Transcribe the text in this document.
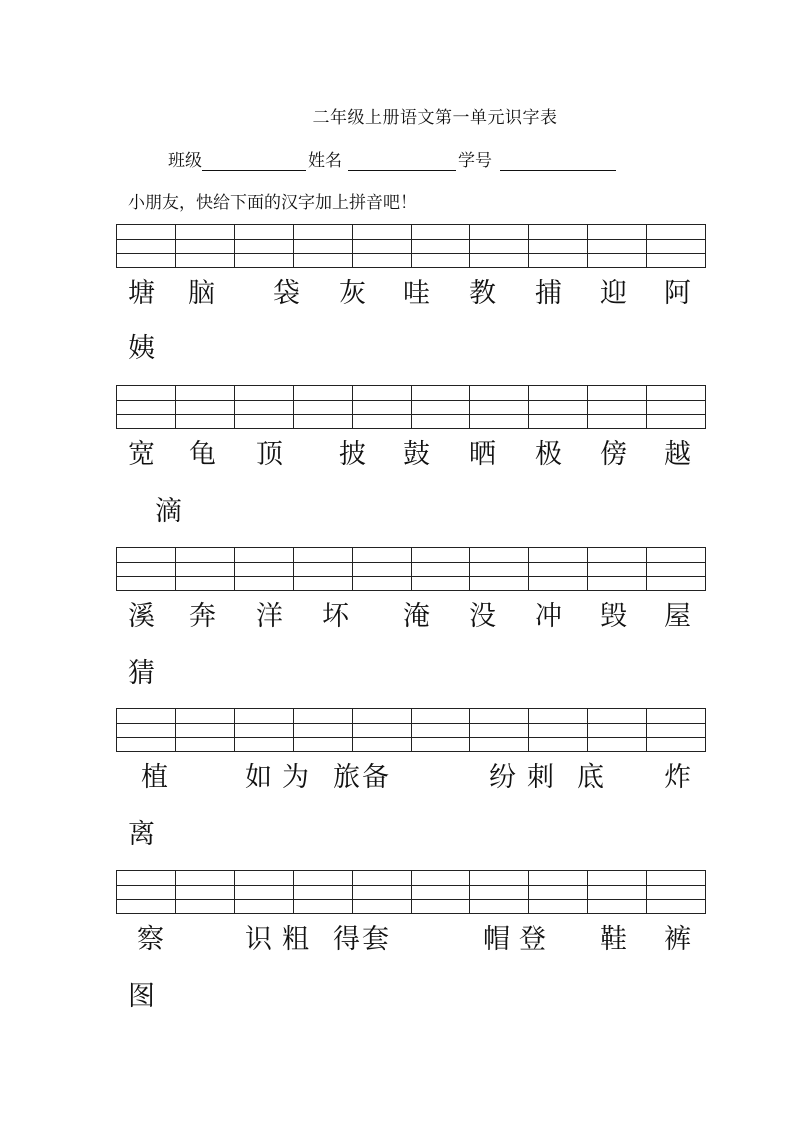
二年级上册语文第一单元识字表
班级	姓名	学号
小朋友，快给下面的汉字加上拼音吧！
塘 脑 袋 灰 哇 教 捕 迎 阿
姨
宽 龟 顶 披 鼓 晒 极 傍 越
滴
溪 奔 洋 坏 淹 没 冲 毁 屋
猜
植	如 为 旅 备	纷 刺 底 炸
离
察	识 粗 得 套	帽 登 鞋 裤
图
